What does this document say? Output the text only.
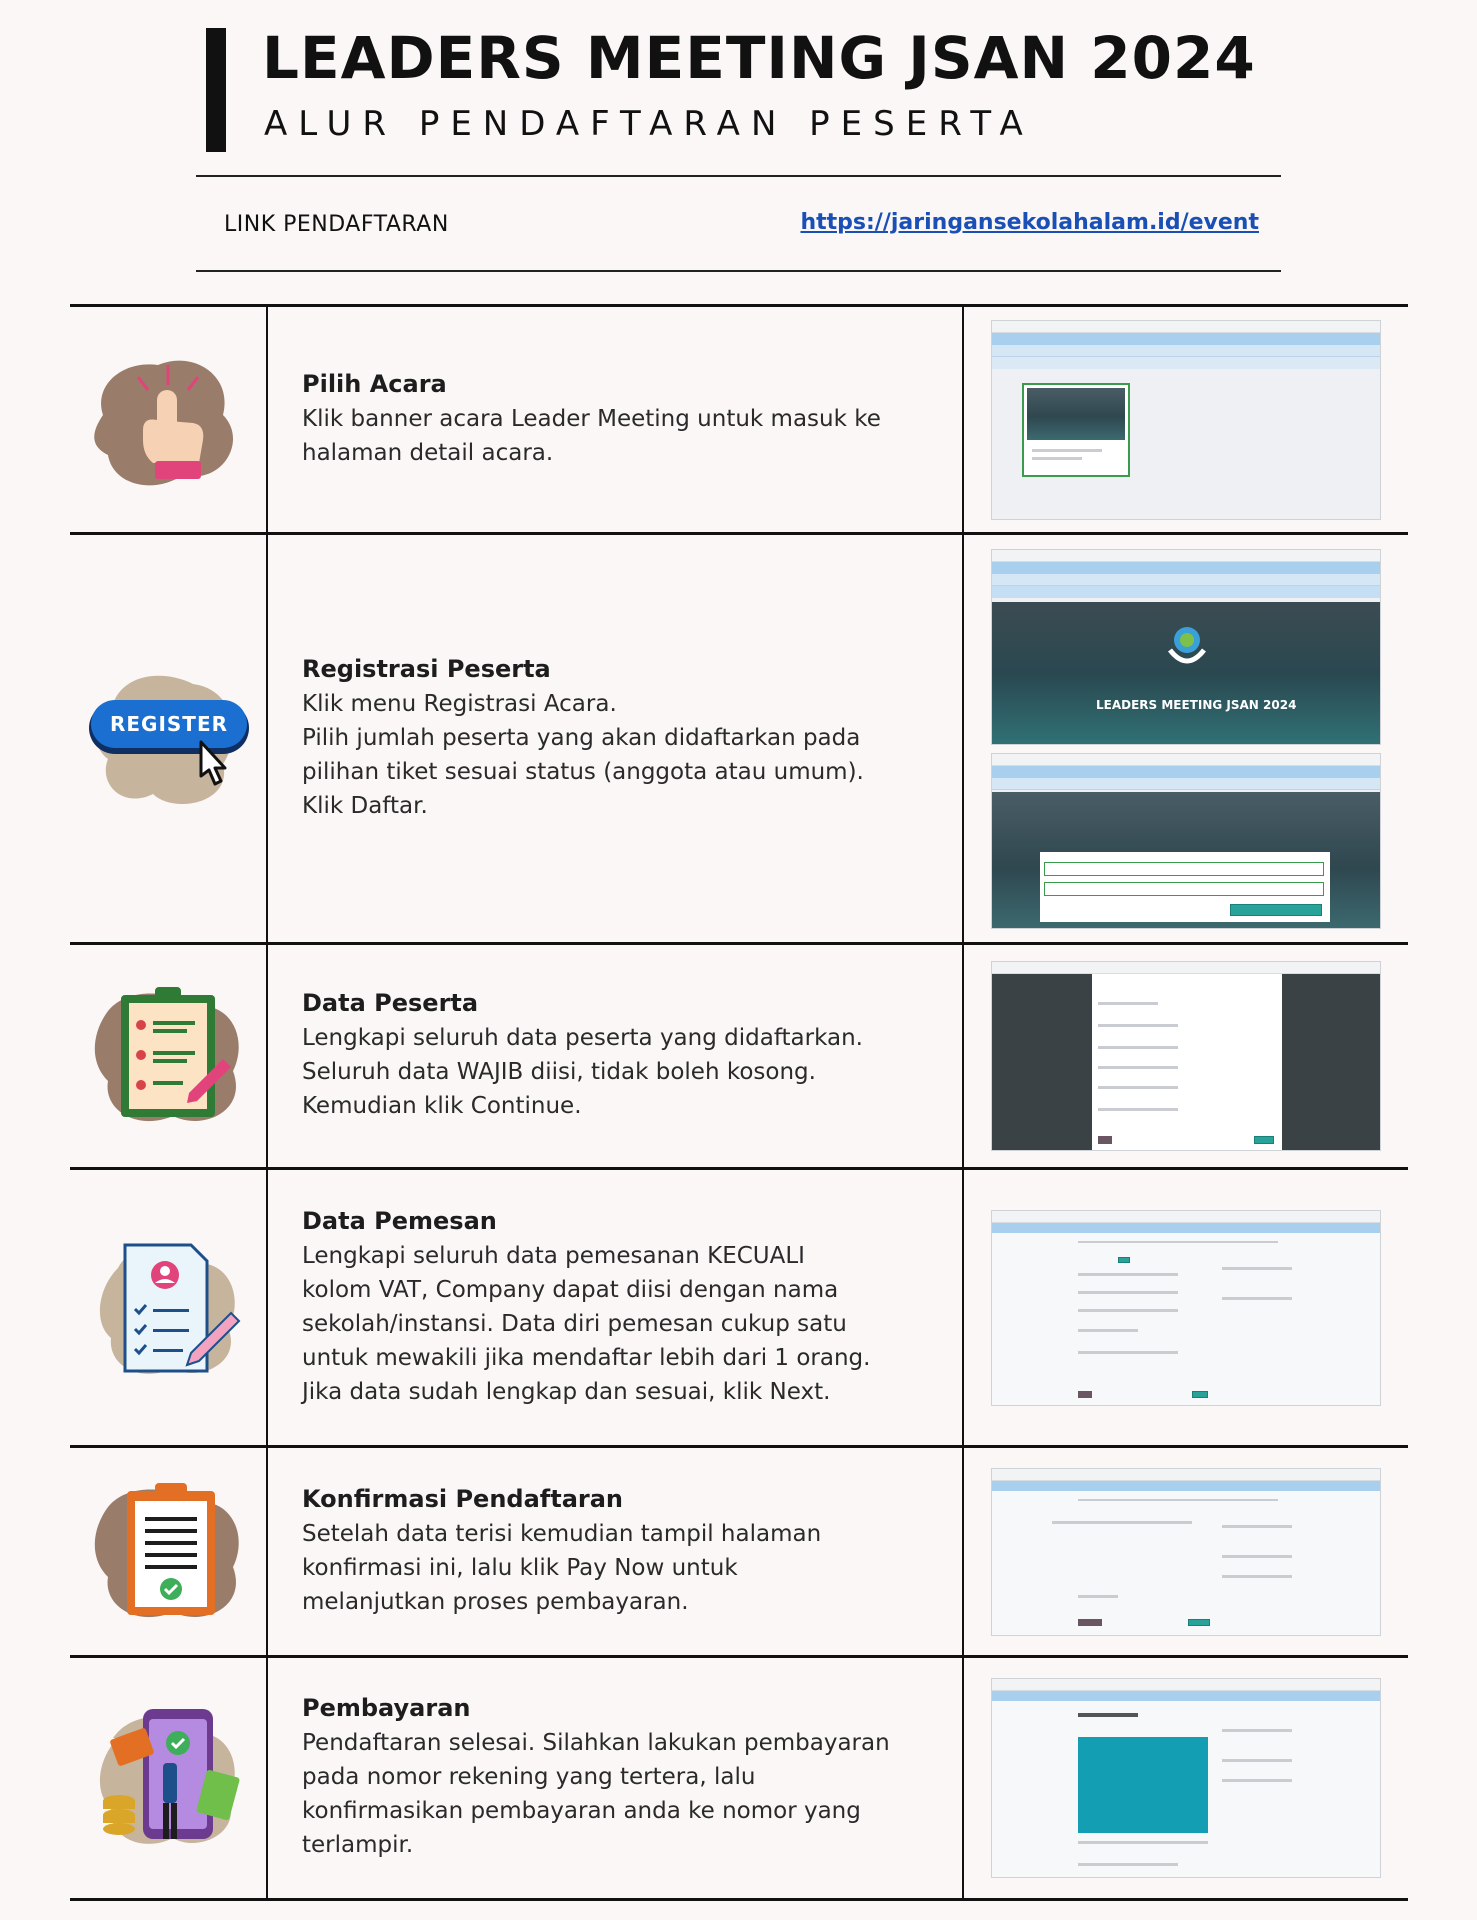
LEADERS MEETING JSAN 2024
ALUR PENDAFTARAN PESERTA
LINK PENDAFTARAN	https://jaringansekolahalam.id/event
Pilih Acara
Klik banner acara Leader Meeting untuk masuk ke
halaman detail acara.
REGISTER
Registrasi Peserta
Klik menu Registrasi Acara.
Pilih jumlah peserta yang akan didaftarkan pada
pilihan tiket sesuai status (anggota atau umum).
Klik Daftar.
LEADERS MEETING JSAN 2024
Data Peserta
Lengkapi seluruh data peserta yang didaftarkan.
Seluruh data WAJIB diisi, tidak boleh kosong.
Kemudian klik Continue.
Data Pemesan
Lengkapi seluruh data pemesanan KECUALI
kolom VAT, Company dapat diisi dengan nama
sekolah/instansi. Data diri pemesan cukup satu
untuk mewakili jika mendaftar lebih dari 1 orang.
Jika data sudah lengkap dan sesuai, klik Next.
Konfirmasi Pendaftaran
Setelah data terisi kemudian tampil halaman
konfirmasi ini, lalu klik Pay Now untuk
melanjutkan proses pembayaran.
Pembayaran
Pendaftaran selesai. Silahkan lakukan pembayaran
pada nomor rekening yang tertera, lalu
konfirmasikan pembayaran anda ke nomor yang
terlampir.
